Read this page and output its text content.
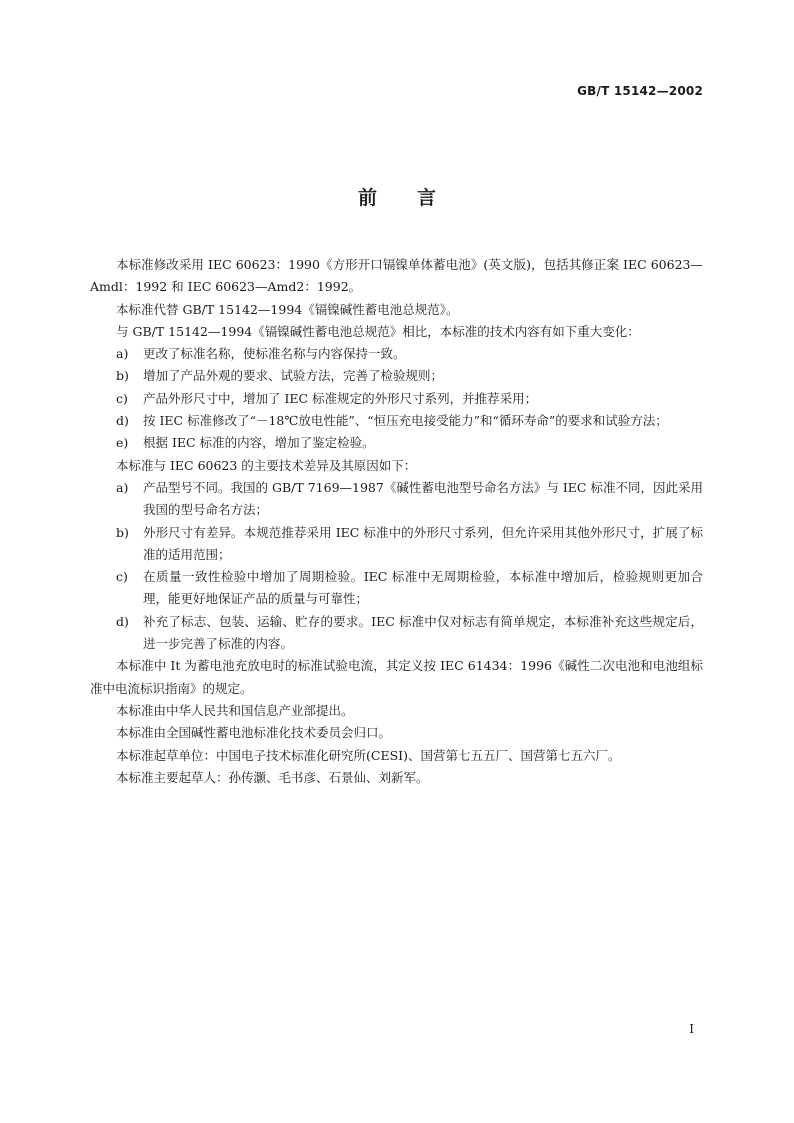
GB/T 15142—2002
前言

本标准修改采用 IEC 60623：1990《方形开口镉镍单体蓄电池》(英文版)，包括其修正案 IEC 60623—Amdl：1992 和 IEC 60623—Amd2：1992。

本标准代替 GB/T 15142—1994《镉镍碱性蓄电池总规范》。

与 GB/T 15142—1994《镉镍碱性蓄电池总规范》相比，本标准的技术内容有如下重大变化：

a)	更改了标准名称，使标准名称与内容保持一致。
b)	增加了产品外观的要求、试验方法，完善了检验规则；
c)	产品外形尺寸中，增加了 IEC 标准规定的外形尺寸系列，并推荐采用；
d)	按 IEC 标准修改了“－18℃放电性能”、“恒压充电接受能力”和“循环寿命”的要求和试验方法；
e)	根据 IEC 标准的内容，增加了鉴定检验。

本标准与 IEC 60623 的主要技术差异及其原因如下：

a)	产品型号不同。我国的 GB/T 7169—1987《碱性蓄电池型号命名方法》与 IEC 标准不同，因此采用我国的型号命名方法；
b)	外形尺寸有差异。本规范推荐采用 IEC 标准中的外形尺寸系列，但允许采用其他外形尺寸，扩展了标准的适用范围；
c)	在质量一致性检验中增加了周期检验。IEC 标准中无周期检验，本标准中增加后，检验规则更加合理，能更好地保证产品的质量与可靠性；
d)	补充了标志、包装、运输、贮存的要求。IEC 标准中仅对标志有简单规定，本标准补充这些规定后，进一步完善了标准的内容。

本标准中 It 为蓄电池充放电时的标准试验电流，其定义按 IEC 61434：1996《碱性二次电池和电池组标准中电流标识指南》的规定。

本标准由中华人民共和国信息产业部提出。

本标准由全国碱性蓄电池标准化技术委员会归口。

本标准起草单位：中国电子技术标准化研究所(CESI)、国营第七五五厂、国营第七五六厂。

本标准主要起草人：孙传灏、毛书彦、石景仙、刘新军。

I
